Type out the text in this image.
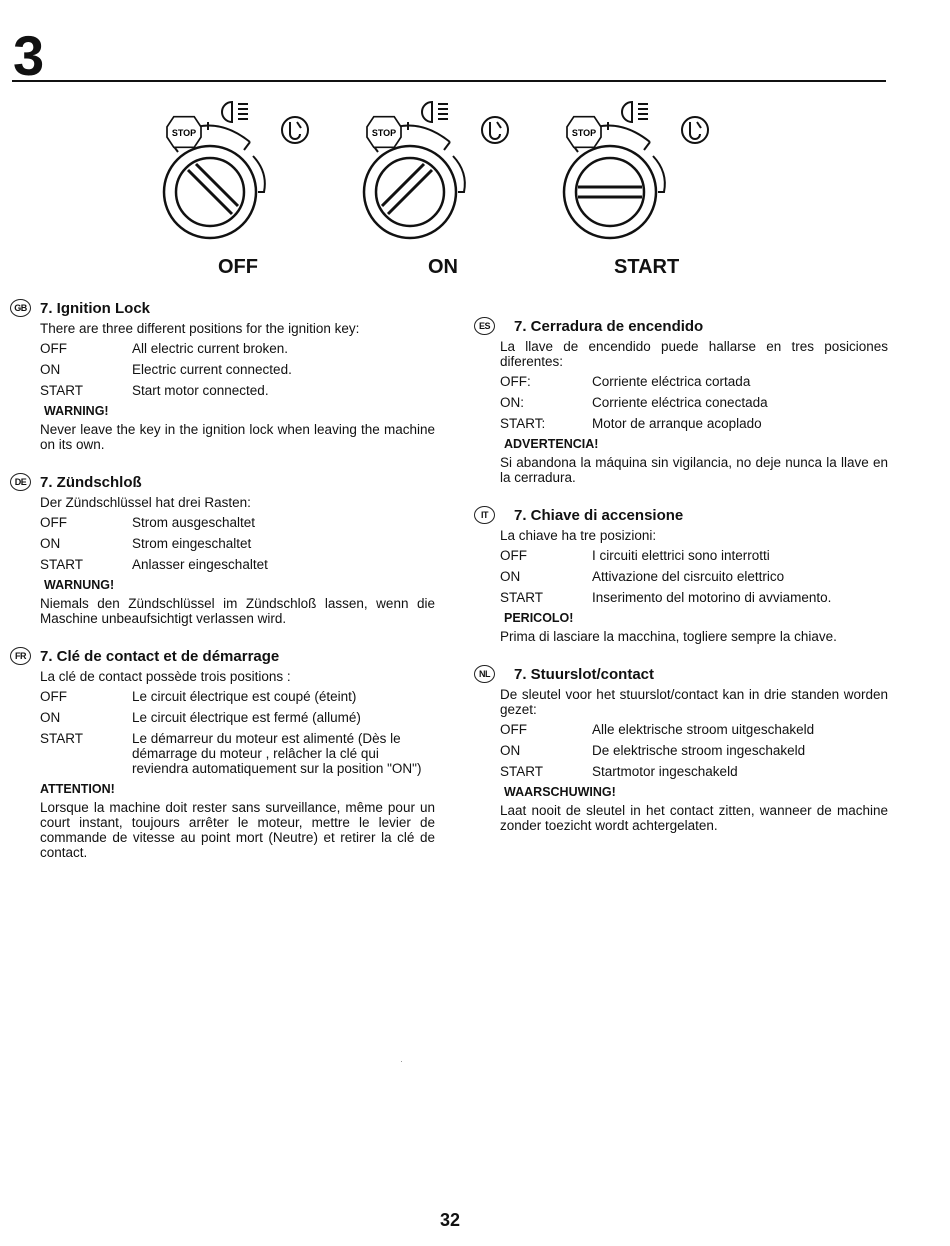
3
STOP	STOP	STOP
OFF	ON	START
GB 7. Ignition Lock

There are three different positions for the ignition key:

OFF	All electric current broken.
ON	Electric current connected.
START	Start motor connected.
WARNING!

Never leave the key in the ignition lock when leaving the machine on its own.

DE 7. Zündschloß

Der Zündschlüssel hat drei Rasten:

OFF	Strom ausgeschaltet
ON	Strom eingeschaltet
START	Anlasser eingeschaltet
WARNUNG!

Niemals den Zündschlüssel im Zündschloß lassen, wenn die Maschine unbeaufsichtigt verlassen wird.

FR 7. Clé de contact et de démarrage

La clé de contact possède trois positions :

OFF	Le circuit électrique est coupé (éteint)
ON	Le circuit électrique est fermé (allumé)
START	Le démarreur du moteur est alimenté (Dès le démarrage du moteur , relâcher la clé qui reviendra automatiquement sur la position "ON")
ATTENTION!

Lorsque la machine doit rester sans surveillance, même pour un court instant, toujours arrêter le moteur, mettre le levier de commande de vitesse au point mort (Neutre) et retirer la clé de contact.

ES	7. Cerradura de encendido

La llave de encendido puede hallarse en tres posiciones diferentes:

OFF:	Corriente eléctrica cortada
ON:	Corriente eléctrica conectada
START:	Motor de arranque acoplado
ADVERTENCIA!

Si abandona la máquina sin vigilancia, no deje nunca la llave en la cerradura.

IT	7. Chiave di accensione

La chiave ha tre posizioni:

OFF	I circuiti elettrici sono interrotti
ON	Attivazione del cisrcuito elettrico
START	Inserimento del motorino di avviamento.
PERICOLO!

Prima di lasciare la macchina, togliere sempre la chiave.

NL	7. Stuurslot/contact

De sleutel voor het stuurslot/contact kan in drie standen worden gezet:

OFF	Alle elektrische stroom uitgeschakeld
ON	De elektrische stroom ingeschakeld
START	Startmotor ingeschakeld
WAARSCHUWING!

Laat nooit de sleutel in het contact zitten, wanneer de machine zonder toezicht wordt achtergelaten.

32
